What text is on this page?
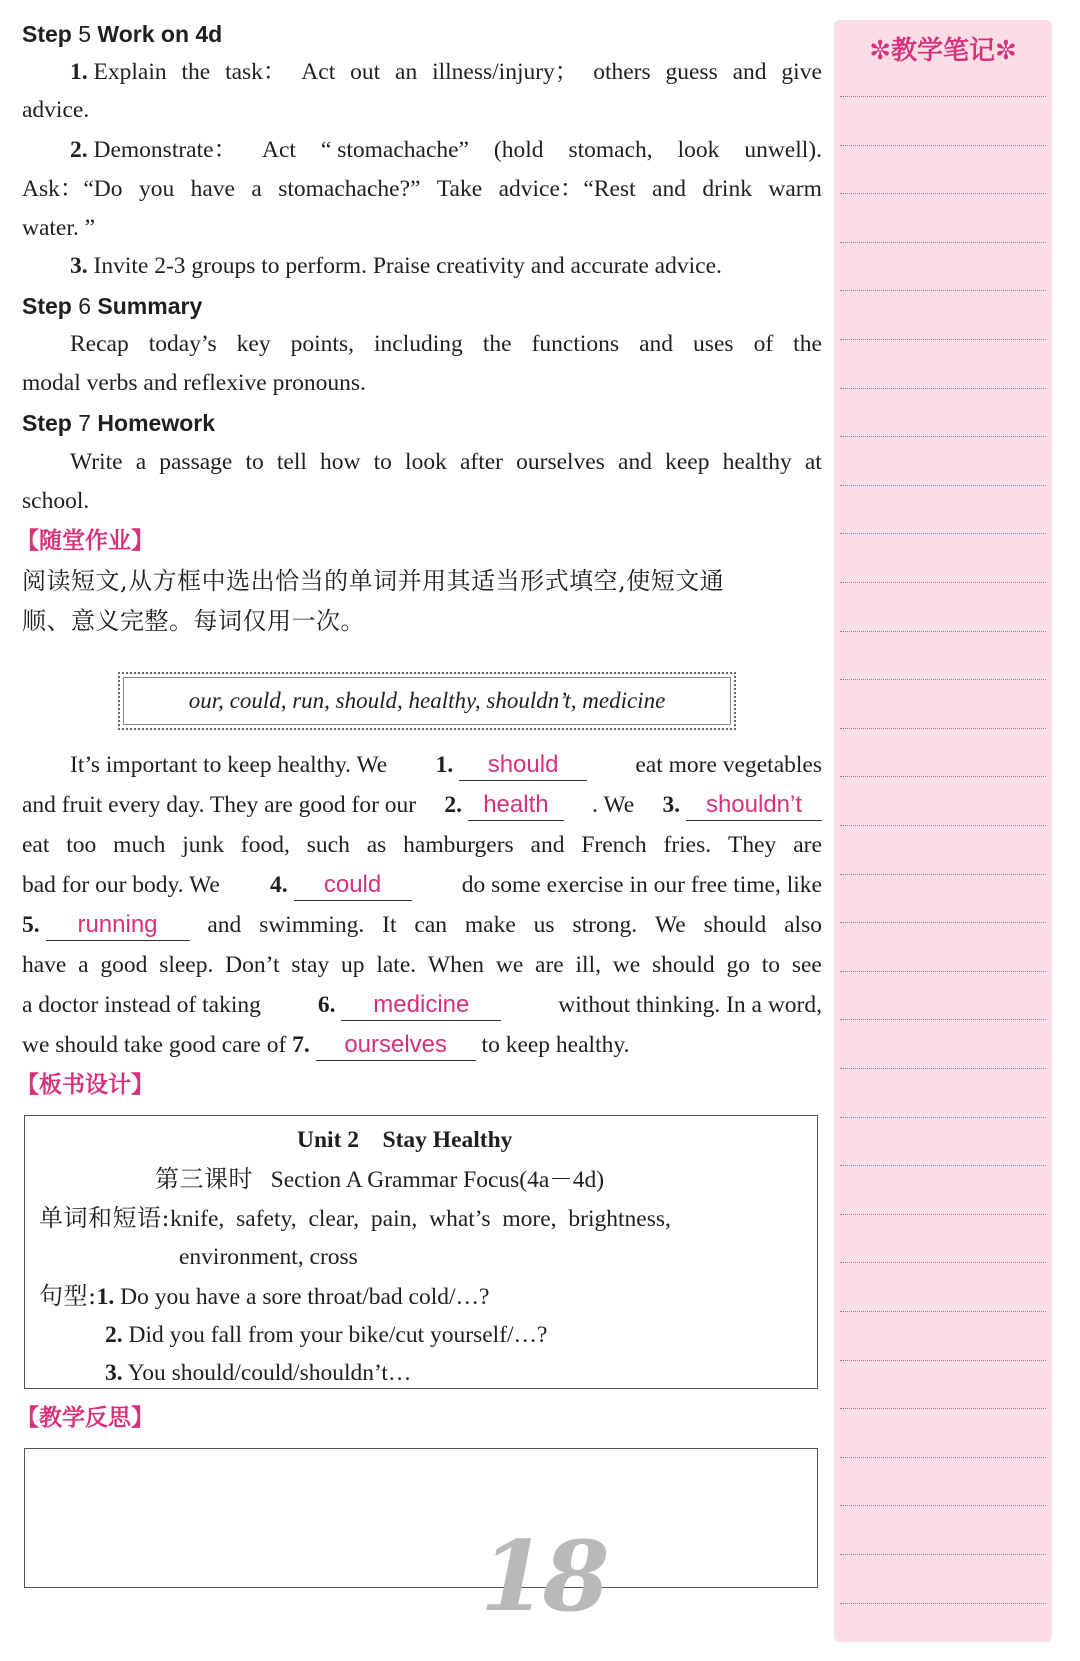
Step 5 Work on 4d
1. Explain the task： Act out an illness/injury； others guess and give
advice.
2. Demonstrate： Act “ stomachache” (hold stomach, look unwell).
Ask：“Do you have a stomachache?” Take advice：“Rest and drink warm
water. ”
3. Invite 2-3 groups to perform. Praise creativity and accurate advice.
Step 6 Summary
Recap today’s key points, including the functions and uses of the
modal verbs and reflexive pronouns.
Step 7 Homework
Write a passage to tell how to look after ourselves and keep healthy at
school.
【随堂作业】
阅读短文,从方框中选出恰当的单词并用其适当形式填空,使短文通
顺、意义完整。每词仅用一次。
our, could, run, should, healthy, shouldn’t, medicine
It’s important to keep healthy. We 1. should	eat more vegetables
and fruit every day. They are good for our 2. health	. We 3. shouldn’t
eat too much junk food, such as hamburgers and French fries. They are
bad for our body. We 4. could	do some exercise in our free time, like
5. running	and swimming. It can make us strong. We should also
have a good sleep. Don’t stay up late. When we are ill, we should go to see
a doctor instead of taking 6. medicine	without thinking. In a word,
we should take good care of 7. ourselves to keep healthy.
【板书设计】
Unit 2 Stay Healthy
第三课时 Section A Grammar Focus(4a－4d)
单词和短语:knife, safety, clear, pain, what’s more, brightness,
environment, cross
句型:1. Do you have a sore throat/bad cold/…?
2. Did you fall from your bike/cut yourself/…?
3. You should/could/shouldn’t…
【教学反思】
18
✼教学笔记✼
